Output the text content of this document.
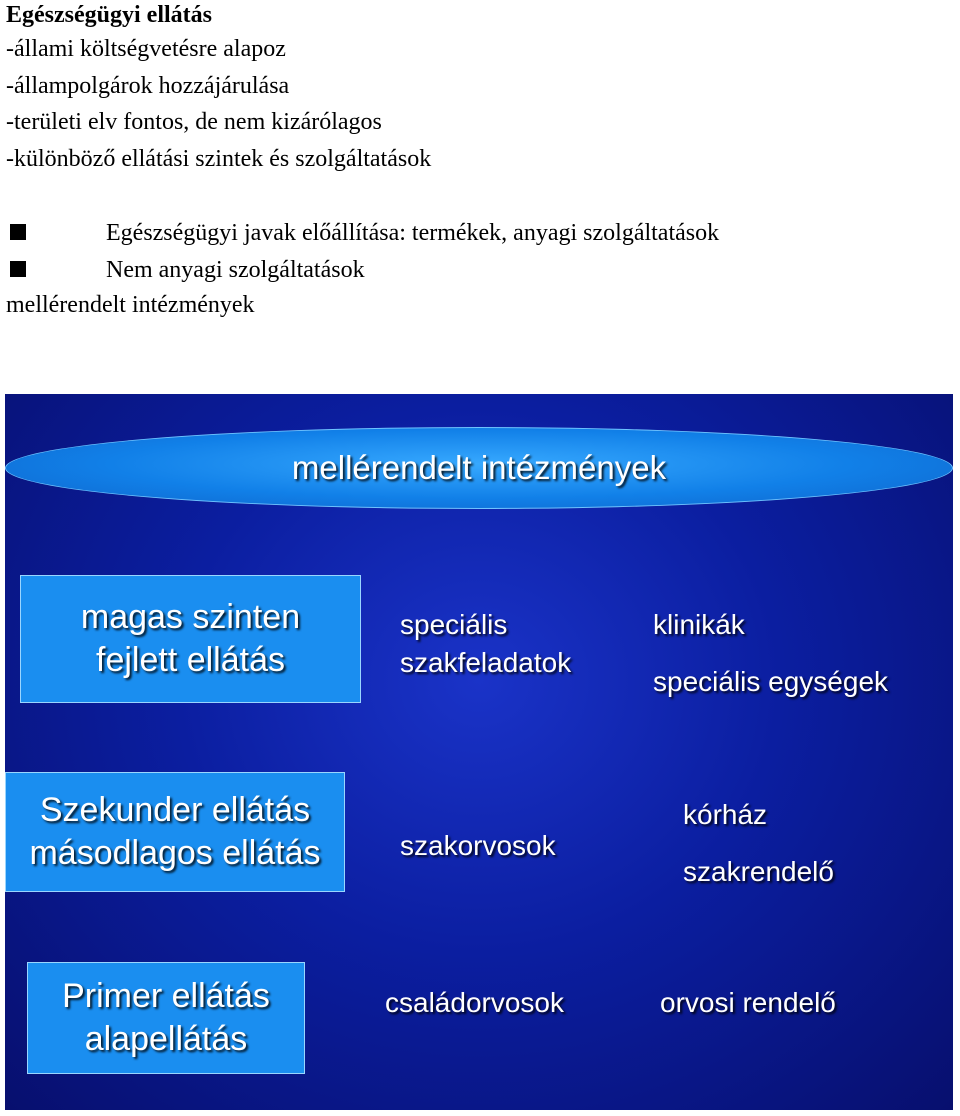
Egészségügyi ellátás
-állami költségvetésre alapoz
-állampolgárok hozzájárulása
-területi elv fontos, de nem kizárólagos
-különböző ellátási szintek és szolgáltatások
Egészségügyi javak előállítása: termékek, anyagi szolgáltatások
Nem anyagi szolgáltatások
mellérendelt intézmények
mellérendelt intézmények
magas szinten
fejlett ellátás
speciális
szakfeladatok
klinikák
speciális egységek
Szekunder ellátás
másodlagos ellátás	szakorvosok
kórház
szakrendelő
Primer ellátás
alapellátás
családorvosok	orvosi rendelő
